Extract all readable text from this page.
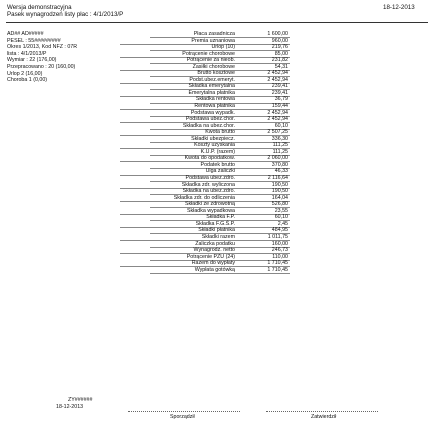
Wersja demonstracyjna
Pasek wynagrodzeń listy płac : 4/1/2013/P
18-12-2013
AD## AD#####
PESEL : 55#########
Okres 1/2013, Kod NFZ : 07R
lista : 4/1/2013/P
Wymiar : 22 (176,00)
Przepracowano : 20 (160,00)
Urlop 2 (16,00)
Choroba 1 (0,00)
Płaca zasadnicza	1 600,00
Premia uznaniowa	960,00
Urlop (10)	219,76
Potrącenie chorobowe	85,00
Potrącenie za nieob.	231,82
Zasiłki chorobowe	54,31
Brutto kosztowe	2 452,94
Podst.ubez.emeryt.	2 452,94
Składka emerytalna	239,41
Emerytalna płatnika	239,41
Składka rentowa	36,79
Rentowa płatnika	159,44
Podstawa wypadk.	2 452,94
Podstawa ubez.chor.	2 452,94
Składka na ubez.chor.	60,10
Kwota brutto	2 507,25
Składki ubezpiecz.	336,30
Koszty uzyskania	111,25
K.U.P. (razem)	111,25
Kwota do opodatkow.	2 060,00
Podatek brutto	370,80
Ulga zaliczki	46,33
Podstawa ubez.zdro.	2 116,64
Składka zdr. wyliczona	190,50
Składka na ubez.zdro.	190,50
Składka zdr. do odliczenia	164,04
Składki ze zdrowotną	526,80
Składka wypadkowa	23,55
Składka F.P.	60,10
Składka F.G.Ś.P.	2,45
Składki płatnika	484,95
Składki razem	1 011,75
Zaliczka podatku	160,00
Wynagrodz. netto	246,73
Potrącenie PZU (24)	110,00
Razem do wypłaty	1 710,45
Wypłata gotówką	1 710,45
ZY######
18-12-2013
Sporządził	Zatwierdził
